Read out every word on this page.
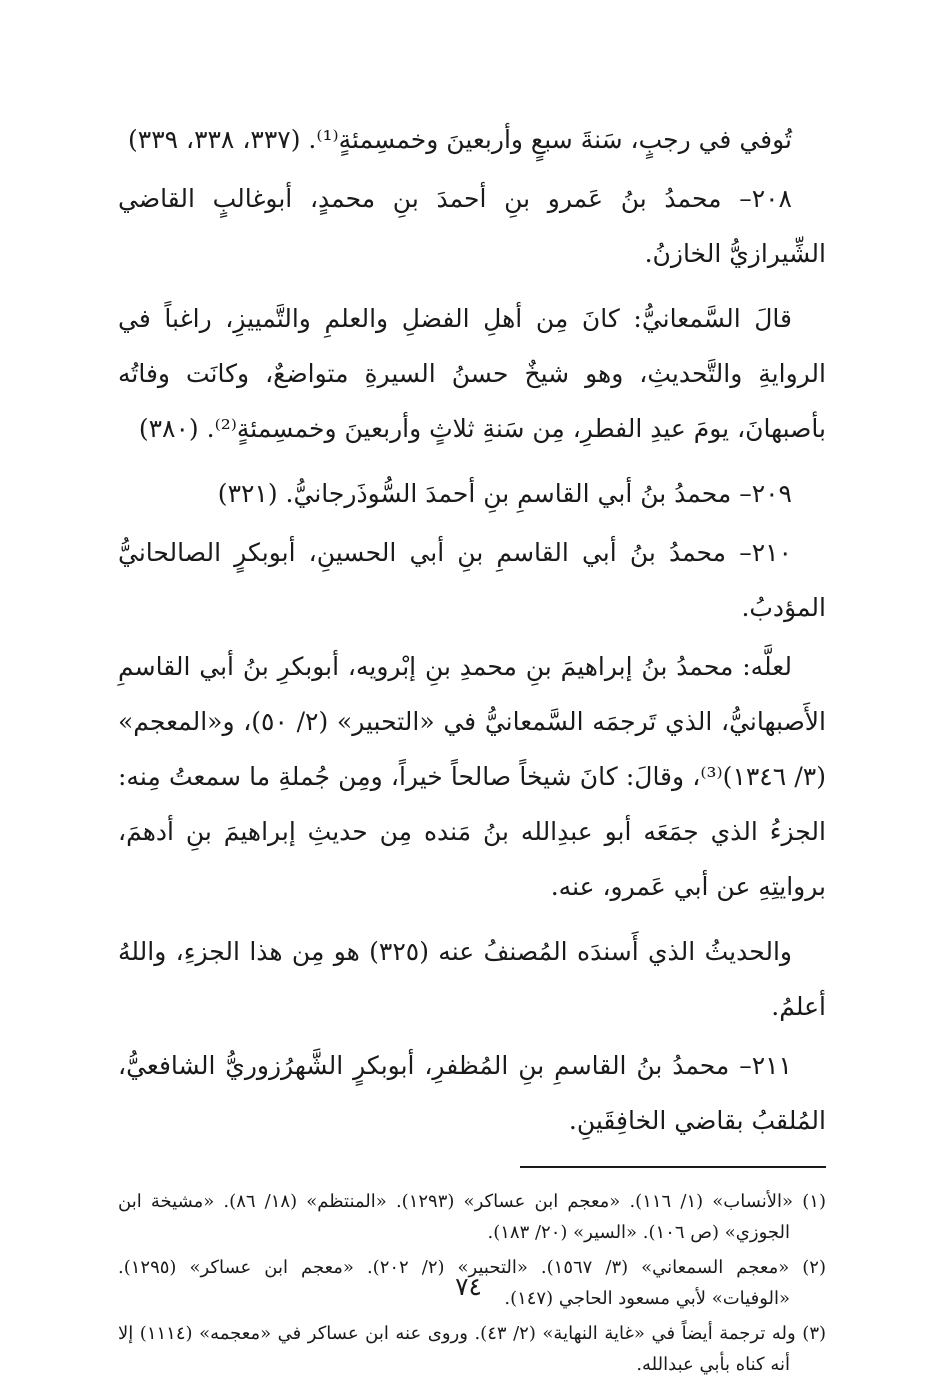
تُوفي في رجبٍ، سَنةَ سبعٍ وأربعينَ وخمسِمئةٍ⁽¹⁾. (٣٣٧، ٣٣٨، ٣٣٩)

٢٠٨– محمدُ بنُ عَمرو بنِ أحمدَ بنِ محمدٍ، أبوغالبٍ القاضي الشِّيرازيُّ الخازنُ.

قالَ السَّمعانيُّ: كانَ مِن أهلِ الفضلِ والعلمِ والتَّمييزِ، راغباً في الروايةِ والتَّحديثِ، وهو شيخٌ حسنُ السيرةِ متواضعٌ، وكانَت وفاتُه بأصبهانَ، يومَ عيدِ الفطرِ، مِن سَنةِ ثلاثٍ وأربعينَ وخمسِمئةٍ⁽²⁾. (٣٨٠)

٢٠٩– محمدُ بنُ أبي القاسمِ بنِ أحمدَ السُّوذَرجانيُّ. (٣٢١)

٢١٠– محمدُ بنُ أبي القاسمِ بنِ أبي الحسينِ، أبوبكرٍ الصالحانيُّ المؤدبُ.

لعلَّه: محمدُ بنُ إبراهيمَ بنِ محمدِ بنِ إبْرويه، أبوبكرِ بنُ أبي القاسمِ الأَصبهانيُّ، الذي تَرجمَه السَّمعانيُّ في «التحبير» (٢/ ٥٠)، و«المعجم» (٣/ ١٣٤٦)⁽³⁾، وقالَ: كانَ شيخاً صالحاً خيراً، ومِن جُملةِ ما سمعتُ مِنه: الجزءُ الذي جمَعَه أبو عبدِالله بنُ مَنده مِن حديثِ إبراهيمَ بنِ أدهمَ، بروايتِهِ عن أبي عَمرو، عنه.

والحديثُ الذي أَسندَه المُصنفُ عنه (٣٢٥) هو مِن هذا الجزءِ، واللهُ أعلمُ.

٢١١– محمدُ بنُ القاسمِ بنِ المُظفرِ، أبوبكرٍ الشَّهرُزوريُّ الشافعيُّ، المُلقبُ بقاضي الخافِقَينِ.

(١) «الأنساب» (١/ ١١٦). «معجم ابن عساكر» (١٢٩٣). «المنتظم» (١٨/ ٨٦). «مشيخة ابن الجوزي» (ص ١٠٦). «السير» (٢٠/ ١٨٣).

(٢) «معجم السمعاني» (٣/ ١٥٦٧). «التحبير» (٢/ ٢٠٢). «معجم ابن عساكر» (١٢٩٥). «الوفيات» لأبي مسعود الحاجي (١٤٧).

(٣) وله ترجمة أيضاً في «غاية النهاية» (٢/ ٤٣). وروى عنه ابن عساكر في «معجمه» (١١١٤) إلا أنه كناه بأبي عبدالله.

٧٤
